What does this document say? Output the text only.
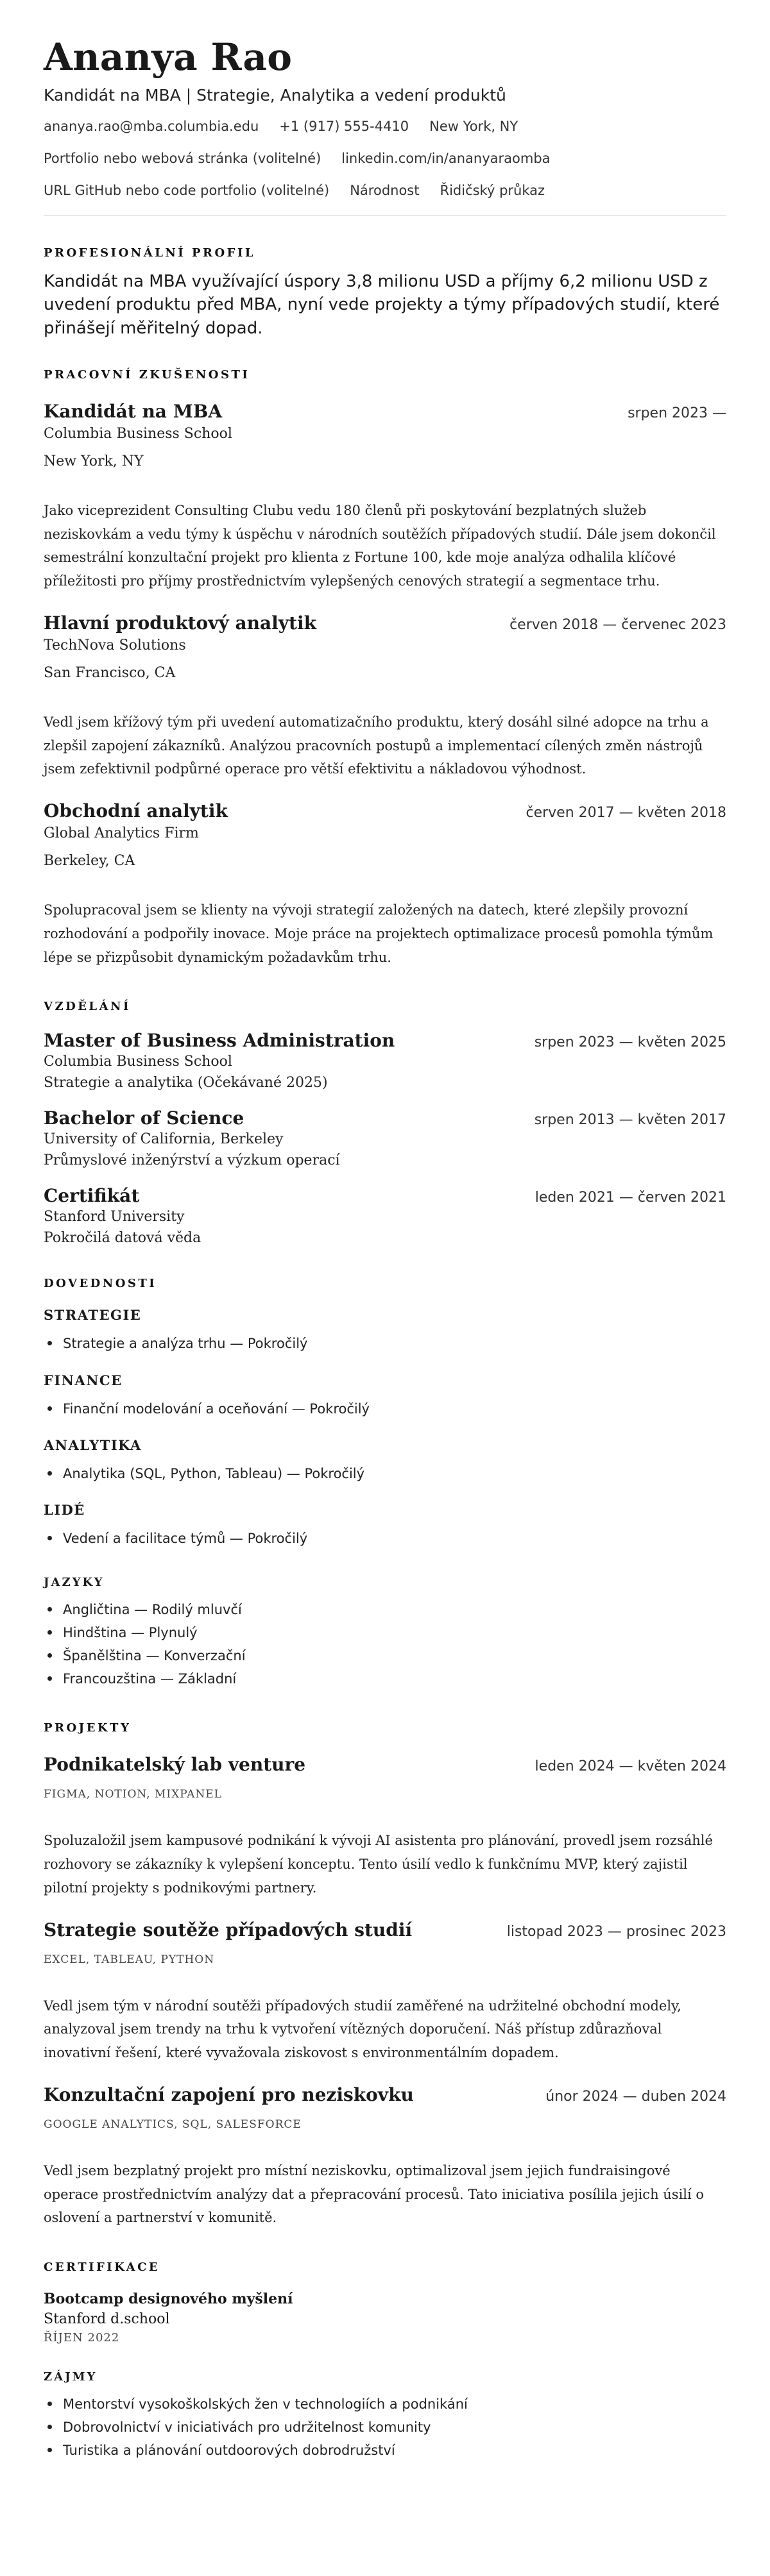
Ananya Rao
Kandidát na MBA | Strategie, Analytika a vedení produktů
ananya.rao@mba.columbia.edu +1 (917) 555-4410 New York, NY
Portfolio nebo webová stránka (volitelné) linkedin.com/in/ananyaraomba
URL GitHub nebo code portfolio (volitelné) Národnost Řidičský průkaz
PROFESIONÁLNÍ PROFIL

Kandidát na MBA využívající úspory 3,8 milionu USD a příjmy 6,2 milionu USD z uvedení produktu před MBA, nyní vede projekty a týmy případových studií, které přinášejí měřitelný dopad.

PRACOVNÍ ZKUŠENOSTI
Kandidát na MBA	srpen 2023 —
Columbia Business School
New York, NY

Jako viceprezident Consulting Clubu vedu 180 členů při poskytování bezplatných služeb neziskovkám a vedu týmy k úspěchu v národních soutěžích případových studií. Dále jsem dokončil semestrální konzultační projekt pro klienta z Fortune 100, kde moje analýza odhalila klíčové příležitosti pro příjmy prostřednictvím vylepšených cenových strategií a segmentace trhu.

Hlavní produktový analytik	červen 2018 — červenec 2023
TechNova Solutions
San Francisco, CA

Vedl jsem křížový tým při uvedení automatizačního produktu, který dosáhl silné adopce na trhu a zlepšil zapojení zákazníků. Analýzou pracovních postupů a implementací cílených změn nástrojů jsem zefektivnil podpůrné operace pro větší efektivitu a nákladovou výhodnost.

Obchodní analytik	červen 2017 — květen 2018
Global Analytics Firm
Berkeley, CA

Spolupracoval jsem se klienty na vývoji strategií založených na datech, které zlepšily provozní rozhodování a podpořily inovace. Moje práce na projektech optimalizace procesů pomohla týmům lépe se přizpůsobit dynamickým požadavkům trhu.

VZDĚLÁNÍ
Master of Business Administration	srpen 2023 — květen 2025
Columbia Business School
Strategie a analytika (Očekávané 2025)
Bachelor of Science	srpen 2013 — květen 2017
University of California, Berkeley
Průmyslové inženýrství a výzkum operací
Certifikát	leden 2021 — červen 2021
Stanford University
Pokročilá datová věda
DOVEDNOSTI
STRATEGIE
Strategie a analýza trhu — Pokročilý
FINANCE
Finanční modelování a oceňování — Pokročilý
ANALYTIKA
Analytika (SQL, Python, Tableau) — Pokročilý
LIDÉ
Vedení a facilitace týmů — Pokročilý
JAZYKY
Angličtina — Rodilý mluvčí
Hindština — Plynulý
Španělština — Konverzační
Francouzština — Základní
PROJEKTY
Podnikatelský lab venture	leden 2024 — květen 2024
FIGMA, NOTION, MIXPANEL

Spoluzaložil jsem kampusové podnikání k vývoji AI asistenta pro plánování, provedl jsem rozsáhlé rozhovory se zákazníky k vylepšení konceptu. Tento úsilí vedlo k funkčnímu MVP, který zajistil pilotní projekty s podnikovými partnery.

Strategie soutěže případových studií	listopad 2023 — prosinec 2023
EXCEL, TABLEAU, PYTHON

Vedl jsem tým v národní soutěži případových studií zaměřené na udržitelné obchodní modely, analyzoval jsem trendy na trhu k vytvoření vítězných doporučení. Náš přístup zdůrazňoval inovativní řešení, které vyvažovala ziskovost s environmentálním dopadem.

Konzultační zapojení pro neziskovku	únor 2024 — duben 2024
GOOGLE ANALYTICS, SQL, SALESFORCE

Vedl jsem bezplatný projekt pro místní neziskovku, optimalizoval jsem jejich fundraisingové operace prostřednictvím analýzy dat a přepracování procesů. Tato iniciativa posílila jejich úsilí o oslovení a partnerství v komunitě.

CERTIFIKACE
Bootcamp designového myšlení
Stanford d.school
ŘÍJEN 2022
ZÁJMY
Mentorství vysokoškolských žen v technologiích a podnikání
Dobrovolnictví v iniciativách pro udržitelnost komunity
Turistika a plánování outdoorových dobrodružství
